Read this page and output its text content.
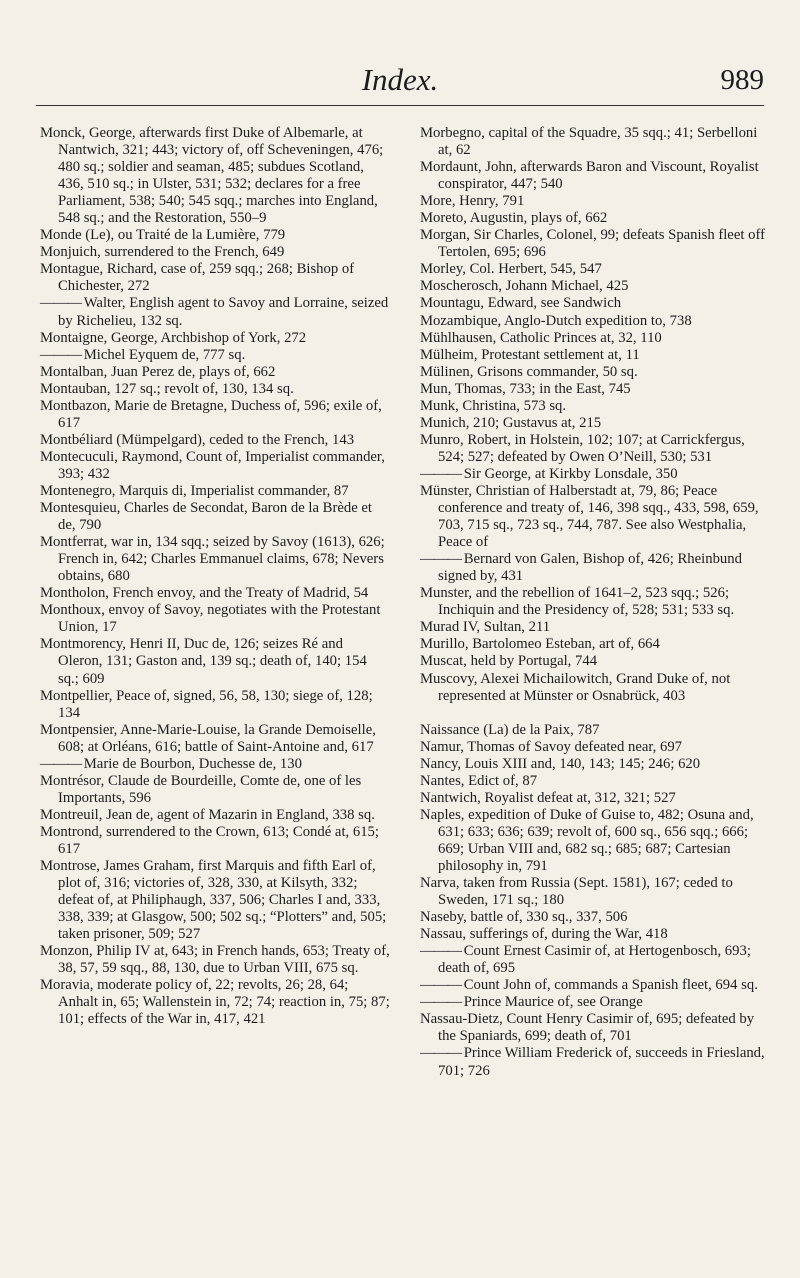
Index.	989

Monck, George, afterwards first Duke of Albemarle, at Nantwich, 321; 443; victory of, off Scheveningen, 476; 480 sq.; soldier and seaman, 485; subdues Scotland, 436, 510 sq.; in Ulster, 531; 532; declares for a free Parliament, 538; 540; 545 sqq.; marches into England, 548 sq.; and the Restoration, 550–9

Monde (Le), ou Traité de la Lumière, 779

Monjuich, surrendered to the French, 649

Montague, Richard, case of, 259 sqq.; 268; Bishop of Chichester, 272

——— Walter, English agent to Savoy and Lorraine, seized by Richelieu, 132 sq.

Montaigne, George, Archbishop of York, 272

——— Michel Eyquem de, 777 sq.

Montalban, Juan Perez de, plays of, 662

Montauban, 127 sq.; revolt of, 130, 134 sq.

Montbazon, Marie de Bretagne, Duchess of, 596; exile of, 617

Montbéliard (Mümpelgard), ceded to the French, 143

Montecuculi, Raymond, Count of, Imperialist commander, 393; 432

Montenegro, Marquis di, Imperialist commander, 87

Montesquieu, Charles de Secondat, Baron de la Brède et de, 790

Montferrat, war in, 134 sqq.; seized by Savoy (1613), 626; French in, 642; Charles Emmanuel claims, 678; Nevers obtains, 680

Montholon, French envoy, and the Treaty of Madrid, 54

Monthoux, envoy of Savoy, negotiates with the Protestant Union, 17

Montmorency, Henri II, Duc de, 126; seizes Ré and Oleron, 131; Gaston and, 139 sq.; death of, 140; 154 sq.; 609

Montpellier, Peace of, signed, 56, 58, 130; siege of, 128; 134

Montpensier, Anne-Marie-Louise, la Grande Demoiselle, 608; at Orléans, 616; battle of Saint-Antoine and, 617

——— Marie de Bourbon, Duchesse de, 130

Montrésor, Claude de Bourdeille, Comte de, one of les Importants, 596

Montreuil, Jean de, agent of Mazarin in England, 338 sq.

Montrond, surrendered to the Crown, 613; Condé at, 615; 617

Montrose, James Graham, first Marquis and fifth Earl of, plot of, 316; victories of, 328, 330, at Kilsyth, 332; defeat of, at Philiphaugh, 337, 506; Charles I and, 333, 338, 339; at Glasgow, 500; 502 sq.; “Plotters” and, 505; taken prisoner, 509; 527

Monzon, Philip IV at, 643; in French hands, 653; Treaty of, 38, 57, 59 sqq., 88, 130, due to Urban VIII, 675 sq.

Moravia, moderate policy of, 22; revolts, 26; 28, 64; Anhalt in, 65; Wallenstein in, 72; 74; reaction in, 75; 87; 101; effects of the War in, 417, 421

Morbegno, capital of the Squadre, 35 sqq.; 41; Serbelloni at, 62

Mordaunt, John, afterwards Baron and Viscount, Royalist conspirator, 447; 540

More, Henry, 791

Moreto, Augustin, plays of, 662

Morgan, Sir Charles, Colonel, 99; defeats Spanish fleet off Tertolen, 695; 696

Morley, Col. Herbert, 545, 547

Moscherosch, Johann Michael, 425

Mountagu, Edward, see Sandwich

Mozambique, Anglo-Dutch expedition to, 738

Mühlhausen, Catholic Princes at, 32, 110

Mülheim, Protestant settlement at, 11

Mülinen, Grisons commander, 50 sq.

Mun, Thomas, 733; in the East, 745

Munk, Christina, 573 sq.

Munich, 210; Gustavus at, 215

Munro, Robert, in Holstein, 102; 107; at Carrickfergus, 524; 527; defeated by Owen O’Neill, 530; 531

——— Sir George, at Kirkby Lonsdale, 350

Münster, Christian of Halberstadt at, 79, 86; Peace conference and treaty of, 146, 398 sqq., 433, 598, 659, 703, 715 sq., 723 sq., 744, 787. See also Westphalia, Peace of

——— Bernard von Galen, Bishop of, 426; Rheinbund signed by, 431

Munster, and the rebellion of 1641–2, 523 sqq.; 526; Inchiquin and the Presidency of, 528; 531; 533 sq.

Murad IV, Sultan, 211

Murillo, Bartolomeo Esteban, art of, 664

Muscat, held by Portugal, 744

Muscovy, Alexei Michailowitch, Grand Duke of, not represented at Münster or Osnabrück, 403

Naissance (La) de la Paix, 787

Namur, Thomas of Savoy defeated near, 697

Nancy, Louis XIII and, 140, 143; 145; 246; 620

Nantes, Edict of, 87

Nantwich, Royalist defeat at, 312, 321; 527

Naples, expedition of Duke of Guise to, 482; Osuna and, 631; 633; 636; 639; revolt of, 600 sq., 656 sqq.; 666; 669; Urban VIII and, 682 sq.; 685; 687; Cartesian philosophy in, 791

Narva, taken from Russia (Sept. 1581), 167; ceded to Sweden, 171 sq.; 180

Naseby, battle of, 330 sq., 337, 506

Nassau, sufferings of, during the War, 418

——— Count Ernest Casimir of, at Hertogenbosch, 693; death of, 695

——— Count John of, commands a Spanish fleet, 694 sq.

——— Prince Maurice of, see Orange

Nassau-Dietz, Count Henry Casimir of, 695; defeated by the Spaniards, 699; death of, 701

——— Prince William Frederick of, succeeds in Friesland, 701; 726
